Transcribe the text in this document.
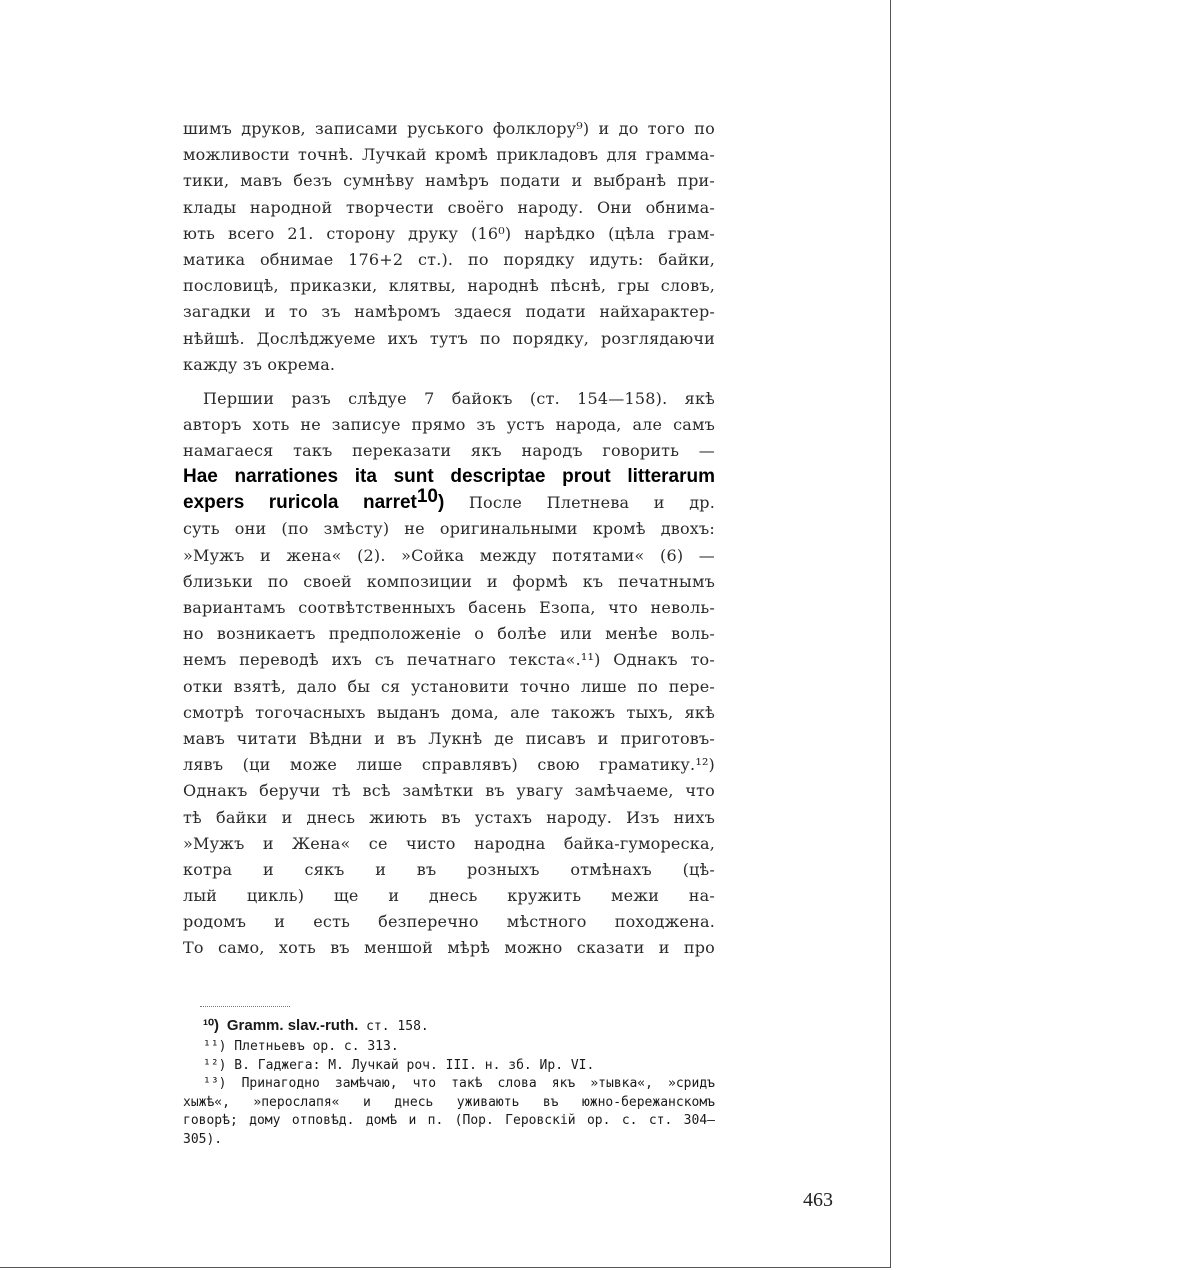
шимъ друков, записами руського фолклору⁹) и до того по
можливости точнѣ. Лучкай кромѣ прикладовъ для грамма-
тики, мавъ безъ сумнѣву намѣръ подати и выбранѣ при-
клады народной творчести своёго народу. Они обнима-
ють всего 21. сторону друку (16⁰) нарѣдко (цѣла грам-
матика обнимае 176+2 ст.). по порядку идуть: байки,
пословицѣ, приказки, клятвы, народнѣ пѣснѣ, гры словъ,
загадки и то зъ намѣромъ здаеся подати найхарактер-
нѣйшѣ. Дослѣджуеме ихъ тутъ по порядку, розглядаючи
кажду зъ окрема.
Першии разъ слѣдуе 7 байокъ (ст. 154—158). якѣ
авторъ хоть не записуе прямо зъ устъ народа, але самъ
намагаеся такъ переказати якъ народъ говорить —
Hae narrationes ita sunt descriptae prout litterarum
expers ruricola narret$^{10}$) После Плетнева и др.
суть они (по змѣсту) не оригинальными кромѣ двохъ:
»Мужъ и жена« (2). »Сойка между потятами« (6) —
близьки по своей композиции и формѣ къ печатнымъ
вариантамъ соотвѣтственныхъ басень Езопа, что неволь-
но возникаетъ предположенie о болѣе или менѣе воль-
немъ переводѣ ихъ съ печатнаго текста«.¹¹) Однакъ то-
отки взятѣ, дало бы ся установити точно лише по пере-
смотрѣ тогочасныхъ выданъ дома, але такожъ тыхъ, якѣ
мавъ читати Вѣдни и въ Лукнѣ де писавъ и приготовъ-
лявъ (ци може лише справлявъ) свою граматику.¹²)
Однакъ беручи тѣ всѣ замѣтки въ увагу замѣчаеме, что
тѣ байки и днесь жиють въ устахъ народу. Изъ нихъ
»Мужъ и Жена« се чисто народна байка-гумореска,
котра и сякъ и въ розныхъ отмѣнахъ (цѣ-
лый цикль) ще и днесь кружить межи на-
родомъ и есть безперечно мѣстного походжена.
То само, хоть въ меншой мѣрѣ можно сказати и про
¹⁰) Gramm. slav.-ruth. ст. 158.
¹¹) Плетньевъ ор. с. 313.
¹²) В. Гаджега: М. Лучкай роч. III. н. зб. Ир. VI.
¹³) Принагодно замѣчаю, что такѣ слова якъ »тывка«, »сридъ
хыжѣ«, »перослапя« и днесь уживають въ южно-бережанскомъ
говорѣ; дому отповѣд. домѣ и п. (Пор. Геровскій ор. с. ст. 304—
305).
463
